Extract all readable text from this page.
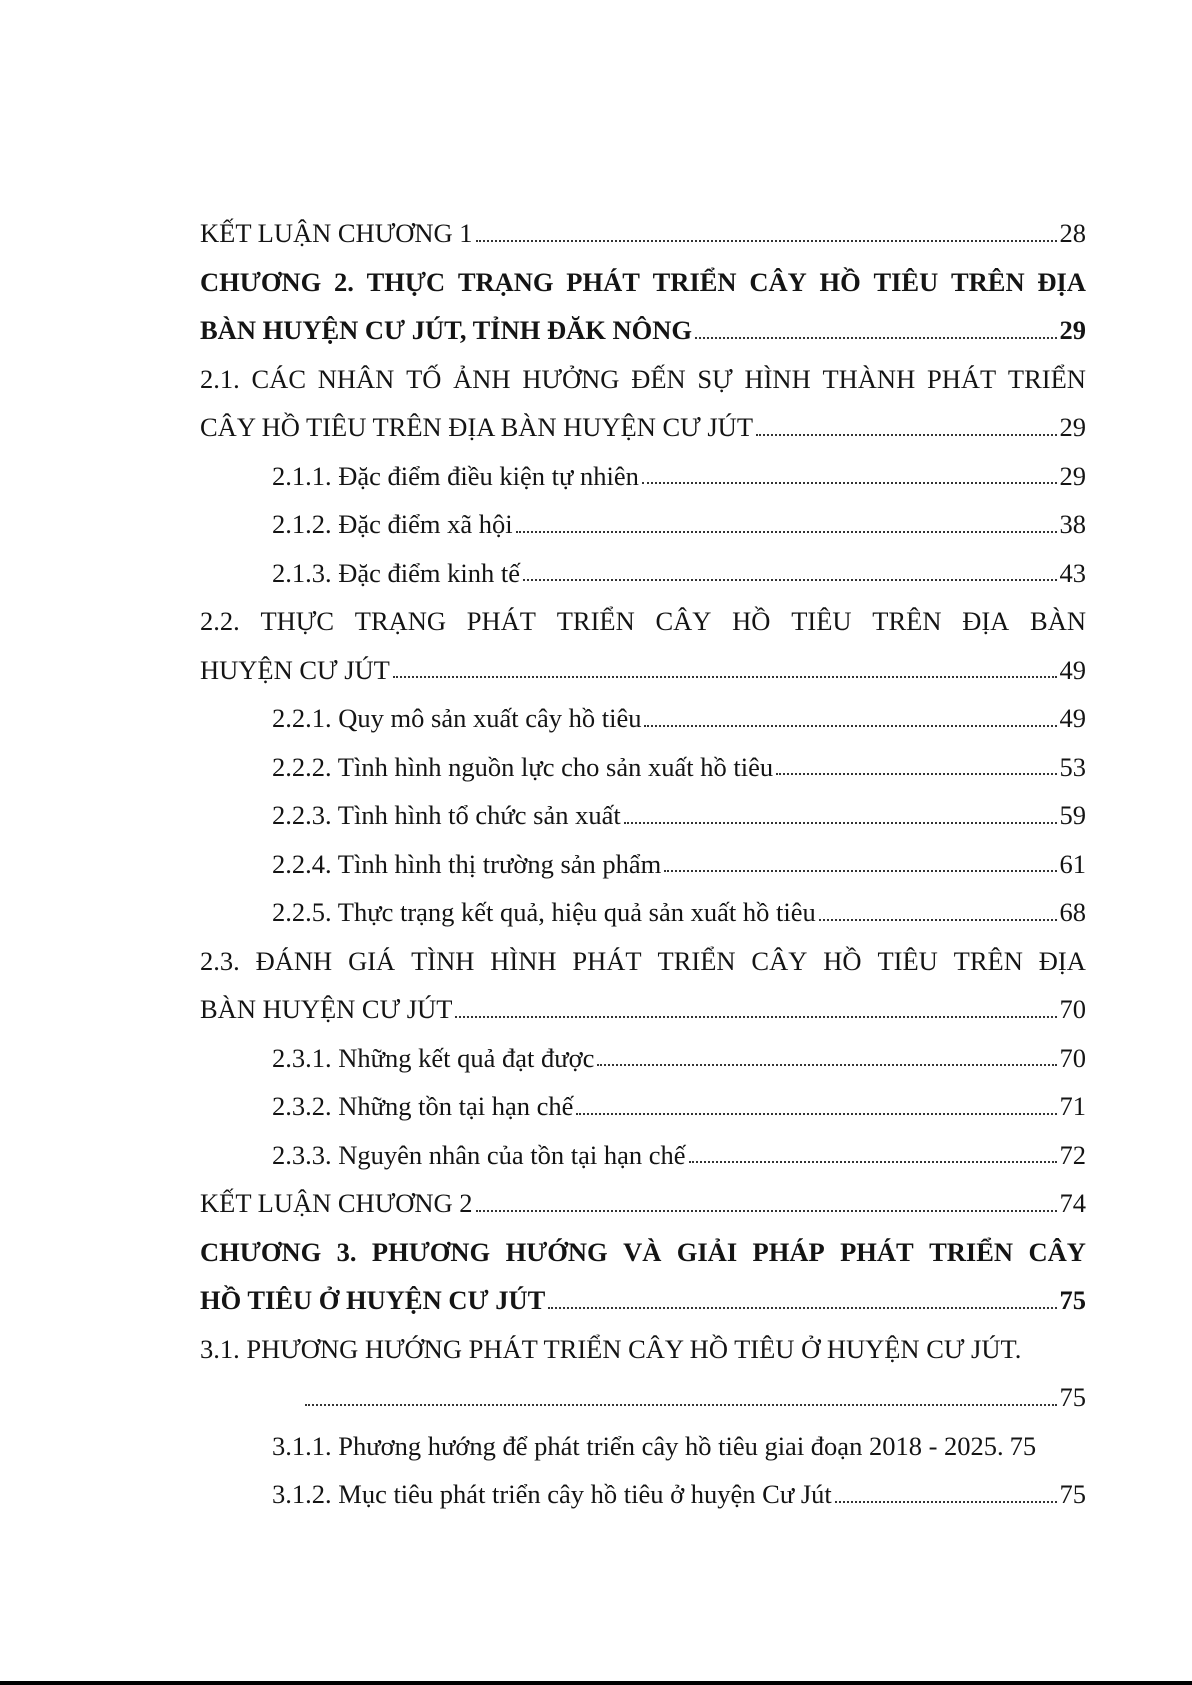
KẾT LUẬN CHƯƠNG 1	28
CHƯƠNG 2. THỰC TRẠNG PHÁT TRIỂN CÂY HỒ TIÊU TRÊN ĐỊA
BÀN HUYỆN CƯ JÚT, TỈNH ĐĂK NÔNG	29
2.1. CÁC NHÂN TỐ ẢNH HƯỞNG ĐẾN SỰ HÌNH THÀNH PHÁT TRIỂN
CÂY HỒ TIÊU TRÊN ĐỊA BÀN HUYỆN CƯ JÚT	29
2.1.1. Đặc điểm điều kiện tự nhiên	29
2.1.2. Đặc điểm xã hội	38
2.1.3. Đặc điểm kinh tế	43
2.2. THỰC TRẠNG PHÁT TRIỂN CÂY HỒ TIÊU TRÊN ĐỊA BÀN
HUYỆN CƯ JÚT	49
2.2.1. Quy mô sản xuất cây hồ tiêu	49
2.2.2. Tình hình nguồn lực cho sản xuất hồ tiêu	53
2.2.3. Tình hình tổ chức sản xuất	59
2.2.4. Tình hình thị trường sản phẩm	61
2.2.5. Thực trạng kết quả, hiệu quả sản xuất hồ tiêu	68
2.3. ĐÁNH GIÁ TÌNH HÌNH PHÁT TRIỂN CÂY HỒ TIÊU TRÊN ĐỊA
BÀN HUYỆN CƯ JÚT	70
2.3.1. Những kết quả đạt được	70
2.3.2. Những tồn tại hạn chế	71
2.3.3. Nguyên nhân của tồn tại hạn chế	72
KẾT LUẬN CHƯƠNG 2	74
CHƯƠNG 3. PHƯƠNG HƯỚNG VÀ GIẢI PHÁP PHÁT TRIỂN CÂY
HỒ TIÊU Ở HUYỆN CƯ JÚT	75
3.1. PHƯƠNG HƯỚNG PHÁT TRIỂN CÂY HỒ TIÊU Ở HUYỆN CƯ JÚT.
75
3.1.1. Phương hướng để phát triển cây hồ tiêu giai đoạn 2018 - 2025. 75
3.1.2. Mục tiêu phát triển cây hồ tiêu ở huyện Cư Jút	75
